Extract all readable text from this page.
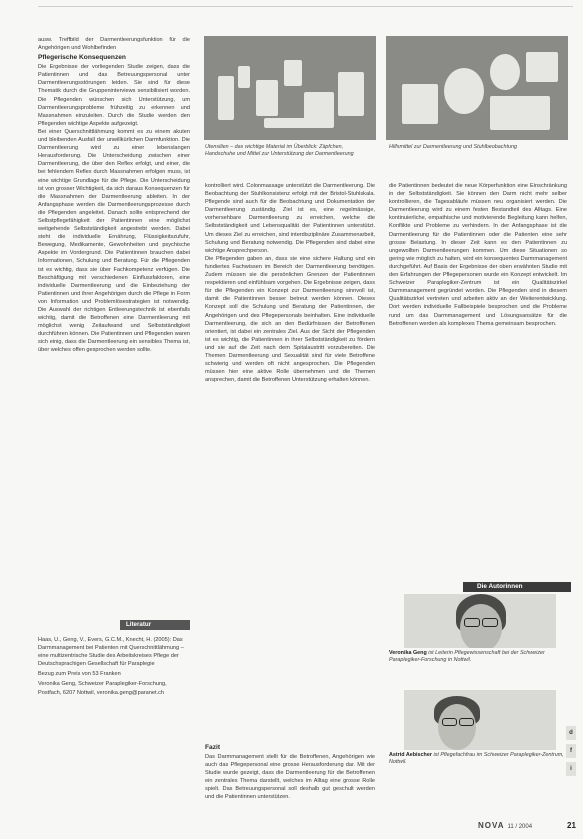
ausw. Treffbild der Darmentleerungsfunktion für die Angehörigen und Wohlbefinden

Pflegerische Konsequenzen

Die Ergebnisse der vorliegenden Studie zeigen, dass die Patientinnen und das Betreuungspersonal unter Darmentleerungsstörungen leiden. Sie sind für diese Thematik durch die Gruppeninterviews sensibilisiert worden. Die Pflegenden wünschen sich Unterstützung, um Darmentleerungsprobleme frühzeitig zu erkennen und Massnahmen einzuleiten. Durch die Studie werden den Pflegenden wichtige Aspekte aufgezeigt.

Bei einer Querschnittlähmung kommt es zu einem akuten und bleibenden Ausfall der unwillkürlichen Darmfunktion. Die Darmentleerung wird zu einer lebenslangen Herausforderung. Die Unterscheidung zwischen einer Darmentleerung, die über den Reflex erfolgt, und einer, die bei fehlendem Reflex durch Massnahmen erfolgen muss, ist eine wichtige Grundlage für die Pflege. Die Unterscheidung ist von grosser Wichtigkeit, da sich daraus Konsequenzen für die Massnahmen der Darmentleerung ableiten. In der Anfangsphase werden die Darmentleerungsprozesse durch die Pflegenden angeleitet. Danach sollte entsprechend der Selbstpflegefähigkeit der Patientinnen eine möglichst weitgehende Selbstständigkeit angestrebt werden. Dabei steht die individuelle Ernährung, Flüssigkeitszufuhr, Bewegung, Medikamente, Gewohnheiten und psychische Aspekte im Vordergrund. Die Patientinnen brauchen dabei Informationen, Schulung und Beratung. Für die Pflegenden ist es wichtig, dass sie über Fachkompetenz verfügen. Die Beschäftigung mit verschiedenen Einflussfaktoren, eine individuelle Darmentleerung und die Einbeziehung der Patientinnen und ihrer Angehörigen durch die Pflege in Form von Information und Problemlösestrategien ist notwendig. Die Auswahl der richtigen Entleerungstechnik ist ebenfalls wichtig, damit die Betroffenen eine Darmentleerung mit möglichst wenig Zeitaufwand und Selbstständigkeit durchführen können. Die Patientinnen und Pflegenden waren sich einig, dass die Darmentleerung ein sensibles Thema ist, über welches offen gesprochen werden sollte.

Utensilien – das wichtige Material im Überblick: Zäpfchen, Handschuhe und Mittel zur Unterstützung der Darmentleerung
Hilfsmittel zur Darmentleerung und Stuhlbeobachtung

kontrolliert wird. Colonmassage unterstützt die Darmentleerung. Die Beobachtung der Stuhlkonsistenz erfolgt mit der Bristol-Stuhlskala. Pflegende sind auch für die Beobachtung und Dokumentation der Darmentleerung zuständig. Ziel ist es, eine regelmässige, vorhersehbare Darmentleerung zu erreichen, welche die Selbstständigkeit und Lebensqualität der Patientinnen unterstützt. Um dieses Ziel zu erreichen, sind interdisziplinäre Zusammenarbeit, Schulung und Beratung notwendig. Die Pflegenden sind dabei eine wichtige Ansprechperson.

Die Pflegenden gaben an, dass sie eine sichere Haltung und ein fundiertes Fachwissen im Bereich der Darmentleerung benötigen. Zudem müssen sie die persönlichen Grenzen der Patientinnen respektieren und einfühlsam vorgehen. Die Ergebnisse zeigen, dass für die Pflegenden ein Konzept zur Darmentleerung sinnvoll ist, damit die Patientinnen besser betreut werden können. Dieses Konzept soll die Schulung und Beratung der Patientinnen, der Angehörigen und des Pflegepersonals beinhalten. Eine individuelle Darmentleerung, die sich an den Bedürfnissen der Betroffenen orientiert, ist dabei ein zentrales Ziel. Aus der Sicht der Pflegenden ist es wichtig, die Patientinnen in ihrer Selbstständigkeit zu fördern und sie auf die Zeit nach dem Spitalaustritt vorzubereiten. Die Themen Darmentleerung und Sexualität sind für viele Betroffene schwierig und werden oft nicht angesprochen. Die Pflegenden müssen hier eine aktive Rolle übernehmen und die Themen ansprechen, damit die Betroffenen Unterstützung erhalten können.

die Patientinnen bedeutet die neue Körperfunktion eine Einschränkung in der Selbstständigkeit. Sie können den Darm nicht mehr selber kontrollieren, die Tagesabläufe müssen neu organisiert werden. Die Darmentleerung wird zu einem festen Bestandteil des Alltags. Eine kontinuierliche, empathische und motivierende Begleitung kann helfen, Konflikte und Probleme zu verhindern. In der Anfangsphase ist die Darmentleerung für die Patientinnen oder die Patienten eine sehr grosse Belastung. In dieser Zeit kann es den Patientinnen zu ungewollten Darmentleerungen kommen. Um diese Situationen so gering wie möglich zu halten, wird ein konsequentes Darmmanagement durchgeführt. Auf Basis der Ergebnisse der oben erwähnten Studie mit den Erfahrungen der Pflegepersonen wurde ein Konzept entwickelt. Im Schweizer Paraplegiker-Zentrum ist ein Qualitätszirkel Darmmanagement gegründet worden. Die Pflegenden sind in diesem Qualitätszirkel vertreten und arbeiten aktiv an der Weiterentwicklung. Dort werden individuelle Fallbeispiele besprochen und die Probleme rund um das Darmmanagement und Lösungsansätze für die Betroffenen werden als komplexes Thema gemeinsam besprochen.

Literatur

Haas, U., Geng, V., Evers, G.C.M., Knecht, H. (2005): Das Darmmanagement bei Patienten mit Querschnittlähmung – eine multizentrische Studie des Arbeitskreises Pflege der Deutschsprachigen Gesellschaft für Paraplegie

Bezug zum Preis von 53 Franken

Veronika Geng, Schweizer Paraplegiker-Forschung, Postfach, 6207 Nottwil, veronika.geng@paranet.ch

Fazit

Das Darmmanagement stellt für die Betroffenen, Angehörigen wie auch das Pflegepersonal eine grosse Herausforderung dar. Mit der Studie wurde gezeigt, dass die Darmentleerung für die Betroffenen ein zentrales Thema darstellt, welches im Alltag eine grosse Rolle spielt. Das Betreuungspersonal soll deshalb gut geschult werden und die Patientinnen unterstützen.

Die Autorinnen
Veronika Geng ist Leiterin Pflegewissenschaft bei der Schweizer Paraplegiker-Forschung in Nottwil.
Astrid Aebischer ist Pflegefachfrau im Schweizer Paraplegiker-Zentrum, Nottwil.
d
f
i
NOVA 11 / 2004	21
